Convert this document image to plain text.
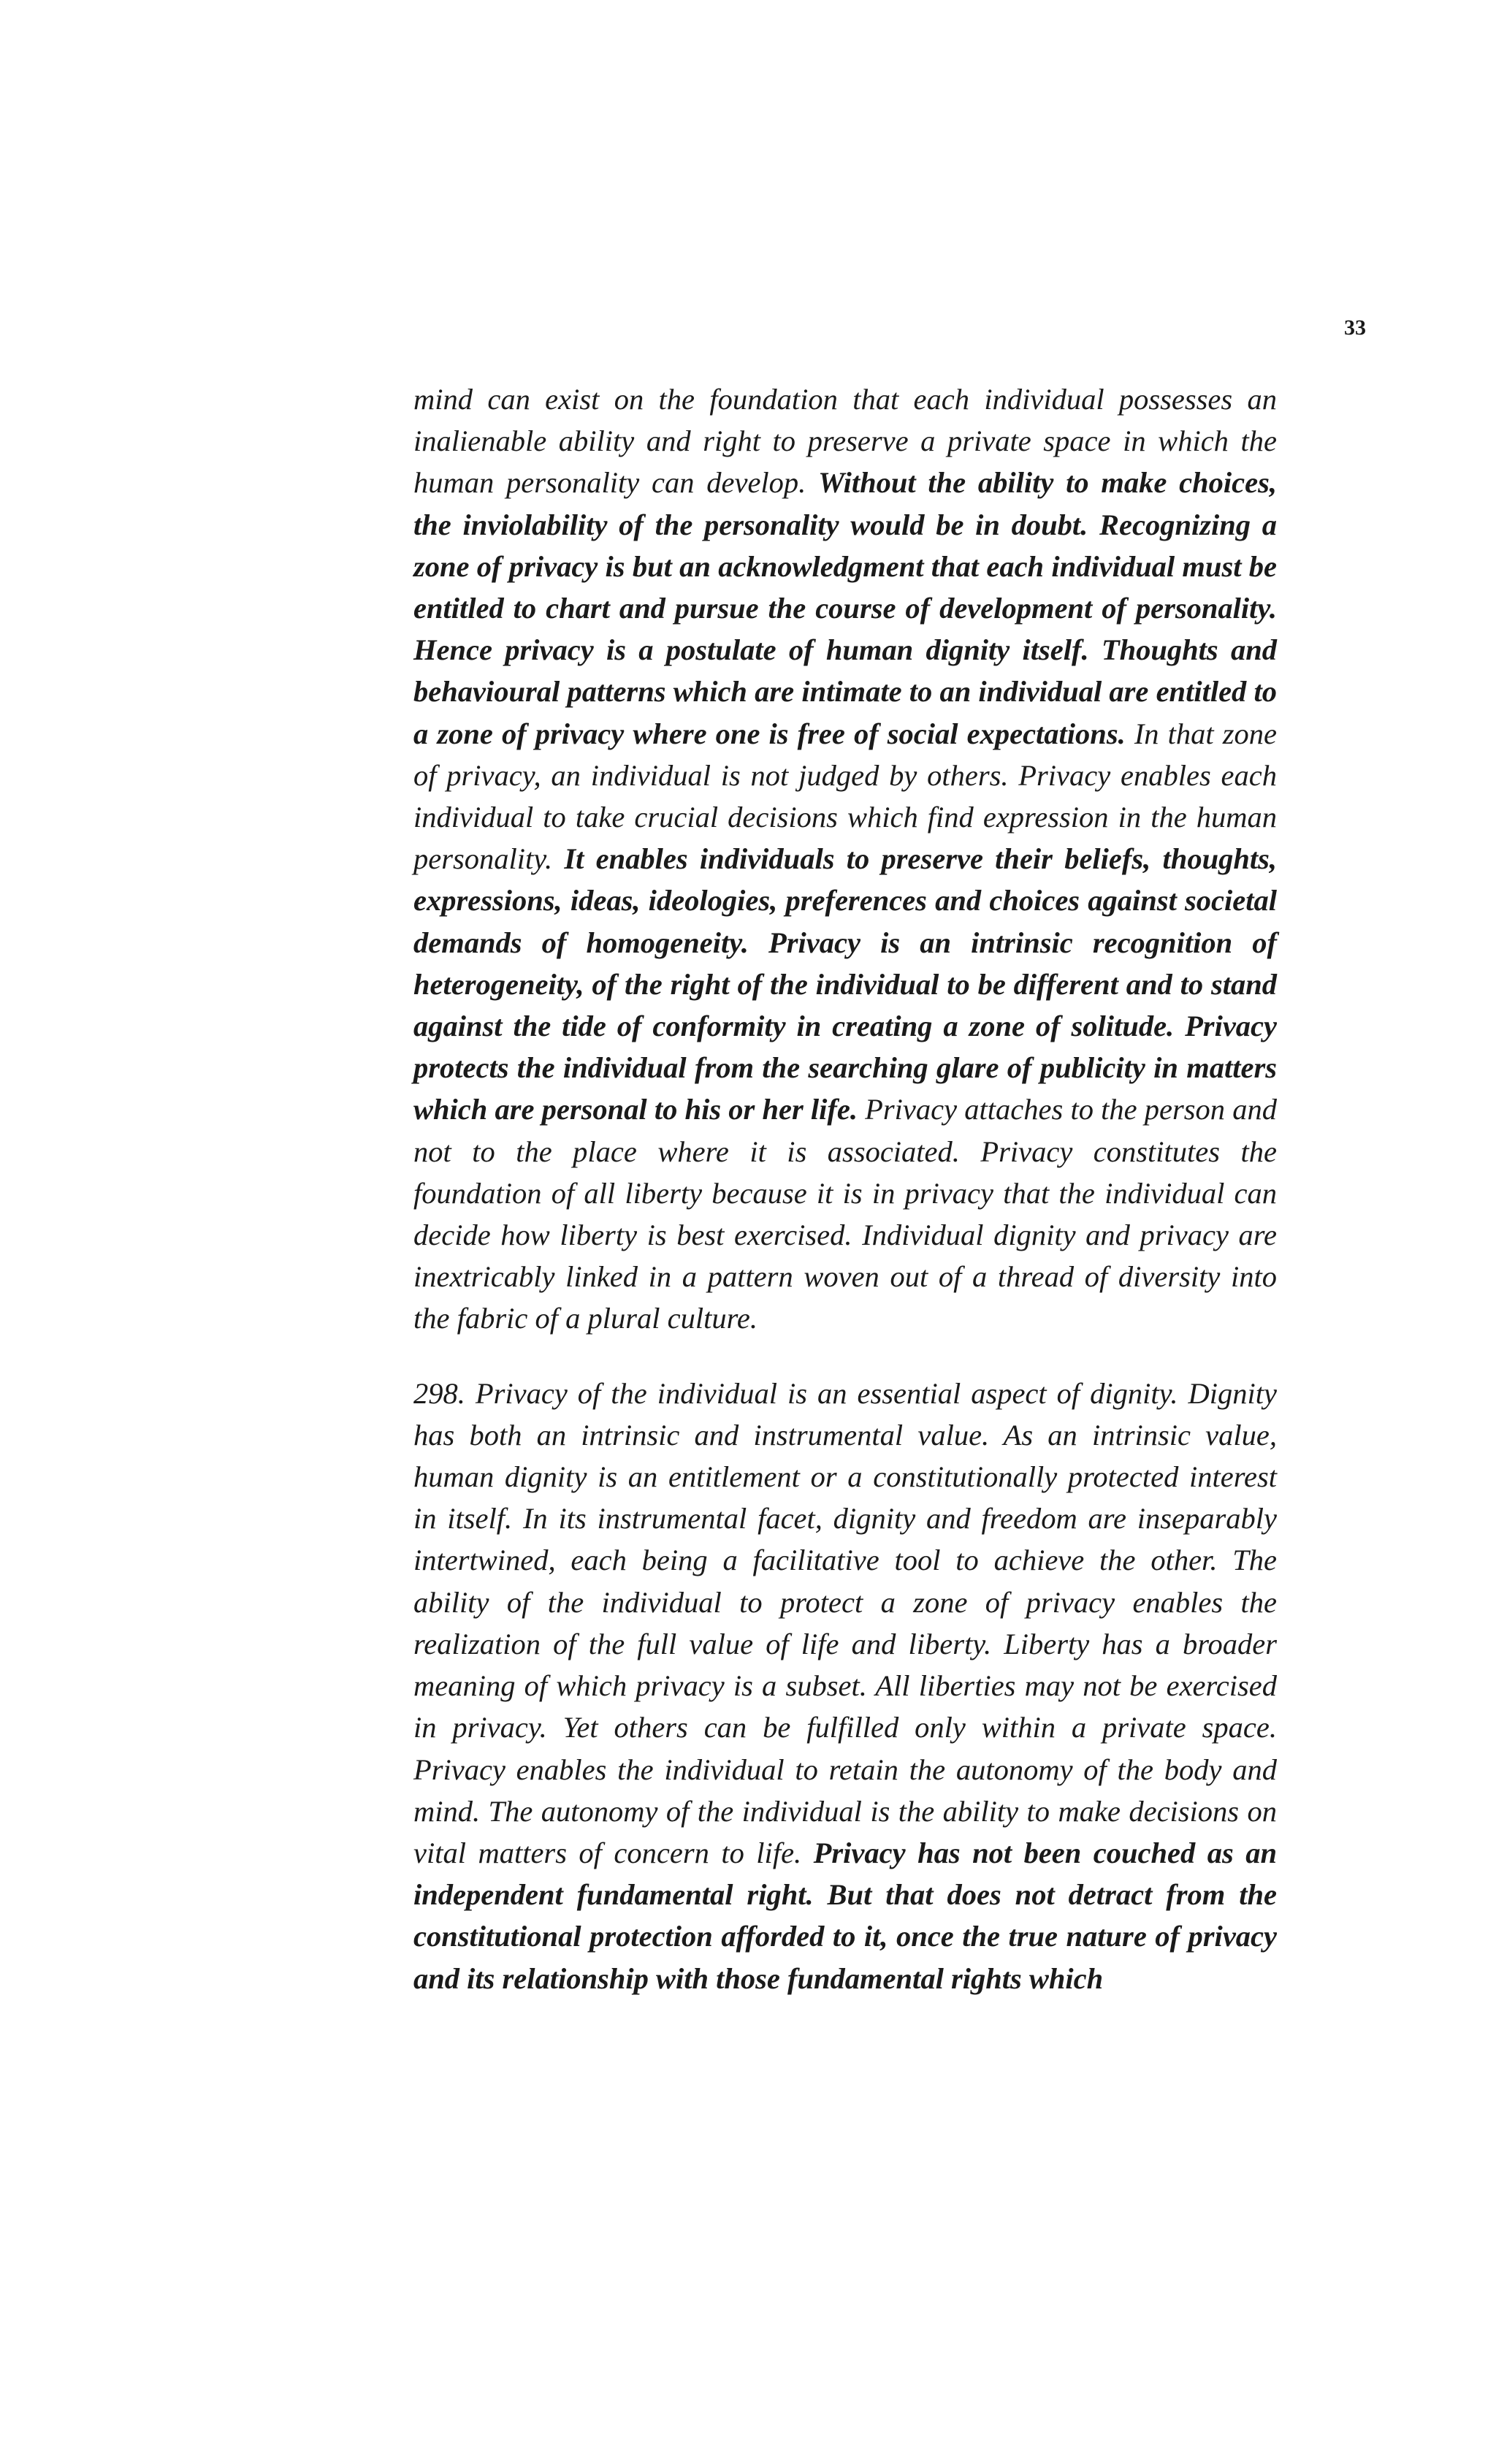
33

mind can exist on the foundation that each individual possesses an inalienable ability and right to preserve a private space in which the human personality can develop. Without the ability to make choices, the inviolability of the personality would be in doubt. Recognizing a zone of privacy is but an acknowledgment that each individual must be entitled to chart and pursue the course of development of personality. Hence privacy is a postulate of human dignity itself. Thoughts and behavioural patterns which are intimate to an individual are entitled to a zone of privacy where one is free of social expectations. In that zone of privacy, an individual is not judged by others. Privacy enables each individual to take crucial decisions which find expression in the human personality. It enables individuals to preserve their beliefs, thoughts, expressions, ideas, ideologies, preferences and choices against societal demands of homogeneity. Privacy is an intrinsic recognition of heterogeneity, of the right of the individual to be different and to stand against the tide of conformity in creating a zone of solitude. Privacy protects the individual from the searching glare of publicity in matters which are personal to his or her life. Privacy attaches to the person and not to the place where it is associated. Privacy constitutes the foundation of all liberty because it is in privacy that the individual can decide how liberty is best exercised. Individual dignity and privacy are inextricably linked in a pattern woven out of a thread of diversity into the fabric of a plural culture.

298. Privacy of the individual is an essential aspect of dignity. Dignity has both an intrinsic and instrumental value. As an intrinsic value, human dignity is an entitlement or a constitutionally protected interest in itself. In its instrumental facet, dignity and freedom are inseparably intertwined, each being a facilitative tool to achieve the other. The ability of the individual to protect a zone of privacy enables the realization of the full value of life and liberty. Liberty has a broader meaning of which privacy is a subset. All liberties may not be exercised in privacy. Yet others can be fulfilled only within a private space. Privacy enables the individual to retain the autonomy of the body and mind. The autonomy of the individual is the ability to make decisions on vital matters of concern to life. Privacy has not been couched as an independent fundamental right. But that does not detract from the constitutional protection afforded to it, once the true nature of privacy and its relationship with those fundamental rights which
